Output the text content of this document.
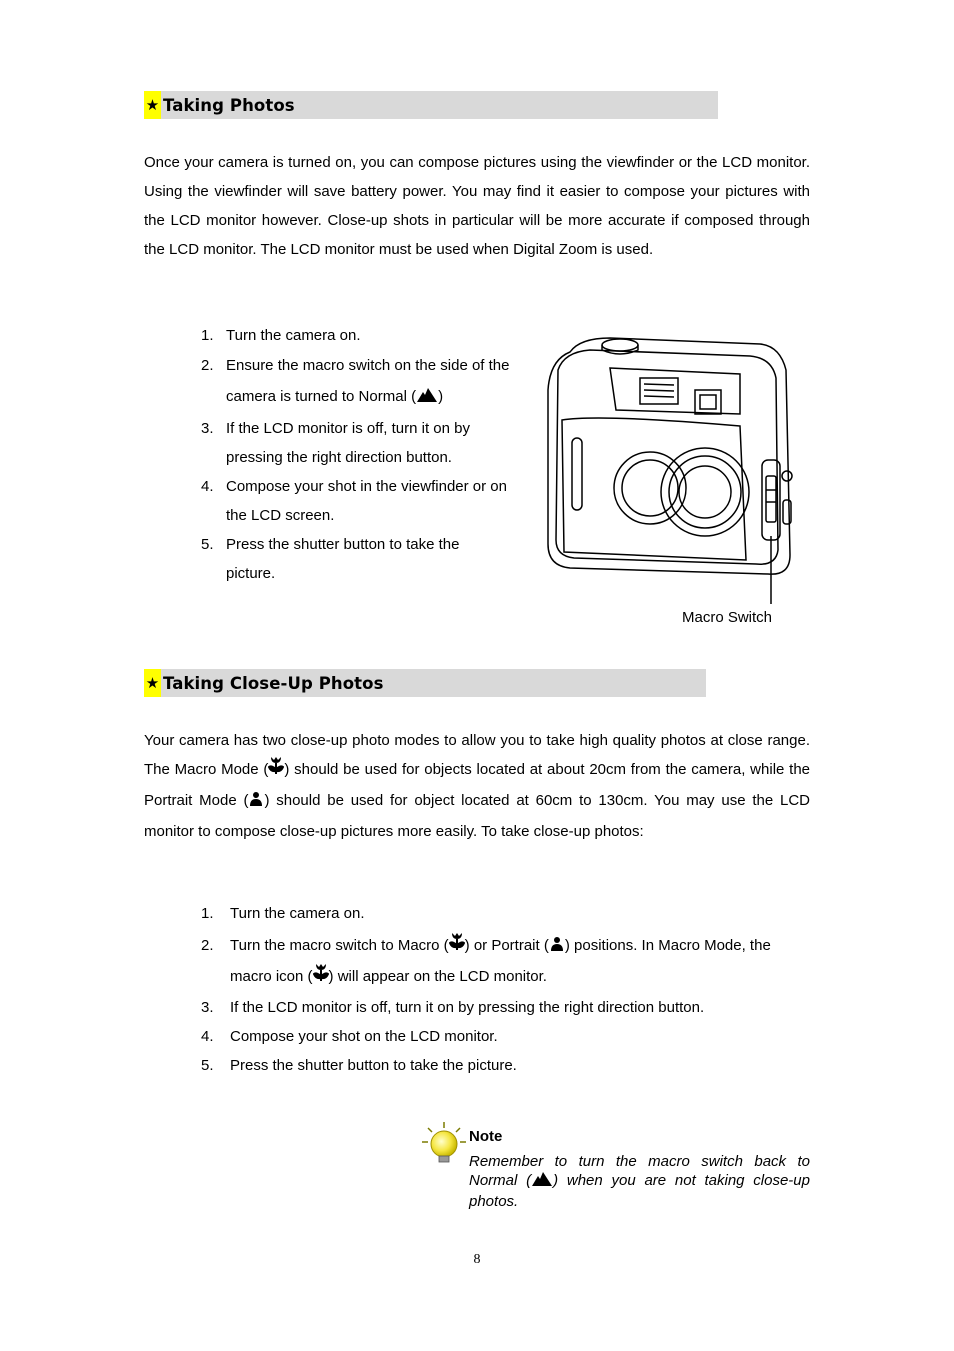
★ Taking Photos

Once your camera is turned on, you can compose pictures using the viewfinder or the LCD monitor. Using the viewfinder will save battery power. You may find it easier to compose your pictures with the LCD monitor however. Close-up shots in particular will be more accurate if composed through the LCD monitor. The LCD monitor must be used when Digital Zoom is used.

1. Turn the camera on.
2. Ensure the macro switch on the side of the camera is turned to Normal ( )
3. If the LCD monitor is off, turn it on by pressing the right direction button.
4. Compose your shot in the viewfinder or on the LCD screen.
5. Press the shutter button to take the picture.
Macro Switch
★ Taking Close-Up Photos

Your camera has two close-up photo modes to allow you to take high quality photos at close range. The Macro Mode ( ) should be used for objects located at about 20cm from the camera, while the Portrait Mode ( ) should be used for object located at 60cm to 130cm. You may use the LCD monitor to compose close-up pictures more easily. To take close-up photos:

1. Turn the camera on.
2. Turn the macro switch to Macro ( ) or Portrait ( ) positions. In Macro Mode, the macro icon ( ) will appear on the LCD monitor.
3. If the LCD monitor is off, turn it on by pressing the right direction button.
4. Compose your shot on the LCD monitor.
5. Press the shutter button to take the picture.
Note
Remember to turn the macro switch back to Normal ( ) when you are not taking close-up photos.
8
